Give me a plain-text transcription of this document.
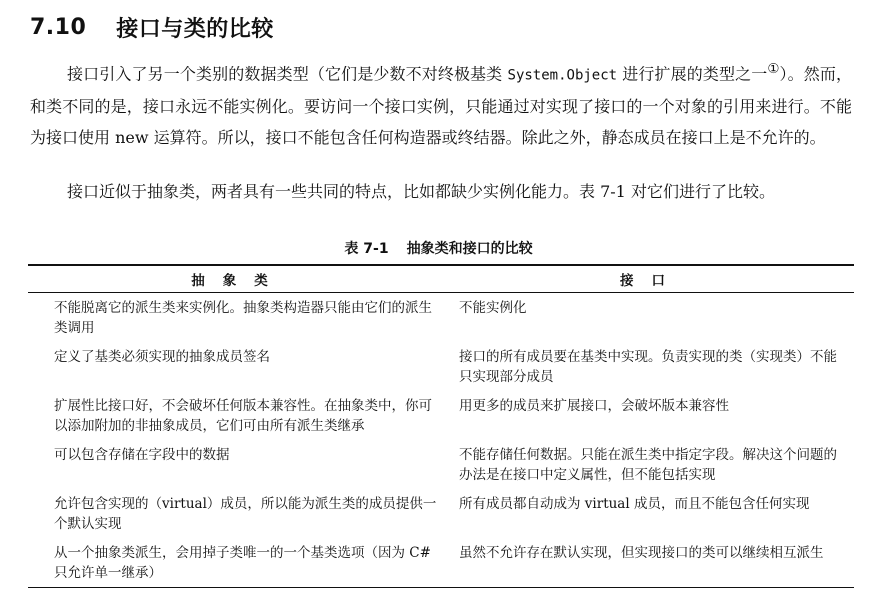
7.10 接口与类的比较

接口引入了另一个类别的数据类型（它们是少数不对终极基类 System.Object 进行扩展的类型之一①）。然而，和类不同的是，接口永远不能实例化。要访问一个接口实例，只能通过对实现了接口的一个对象的引用来进行。不能为接口使用 new 运算符。所以，接口不能包含任何构造器或终结器。除此之外，静态成员在接口上是不允许的。

接口近似于抽象类，两者具有一些共同的特点，比如都缺少实例化能力。表 7-1 对它们进行了比较。

表 7-1 抽象类和接口的比较
抽象类	接口
不能脱离它的派生类来实例化。抽象类构造器只能由它们的派生类调用	不能实例化
定义了基类必须实现的抽象成员签名	接口的所有成员要在基类中实现。负责实现的类（实现类）不能只实现部分成员
扩展性比接口好，不会破坏任何版本兼容性。在抽象类中，你可以添加附加的非抽象成员，它们可由所有派生类继承	用更多的成员来扩展接口，会破坏版本兼容性
可以包含存储在字段中的数据	不能存储任何数据。只能在派生类中指定字段。解决这个问题的办法是在接口中定义属性，但不能包括实现
允许包含实现的（virtual）成员，所以能为派生类的成员提供一个默认实现	所有成员都自动成为 virtual 成员，而且不能包含任何实现
从一个抽象类派生，会用掉子类唯一的一个基类选项（因为 C#只允许单一继承）	虽然不允许存在默认实现，但实现接口的类可以继续相互派生
